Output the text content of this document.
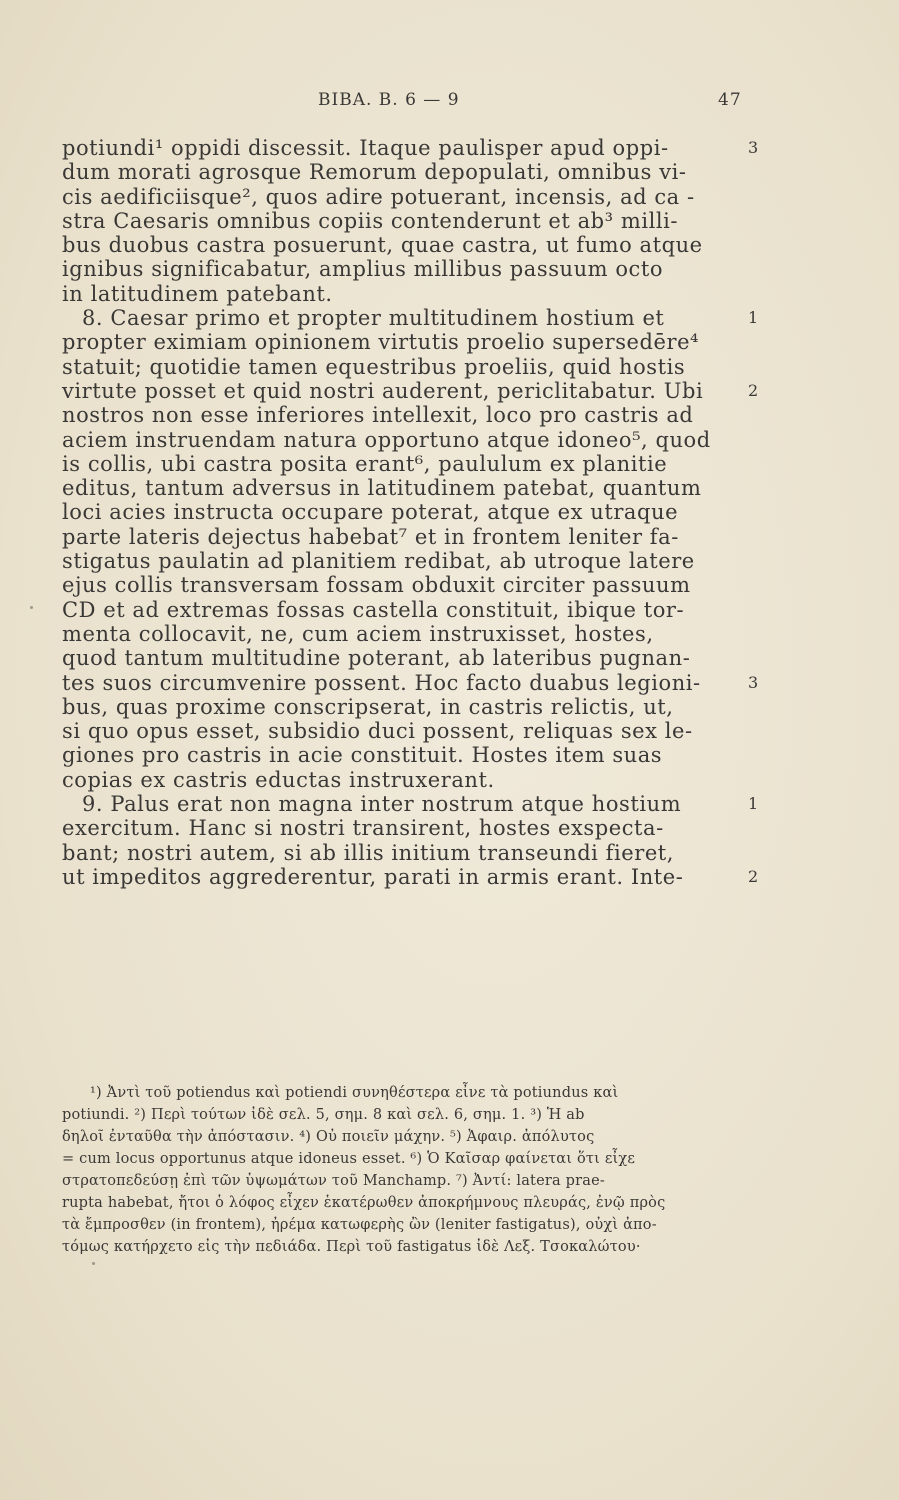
BIBA. B. 6 — 9	47
potiundi¹ oppidi discessit. Itaque paulisper apud oppi-
dum morati agrosque Remorum depopulati, omnibus vi-
cis aedificiisque², quos adire potuerant, incensis, ad ca -
stra Caesaris omnibus copiis contenderunt et ab³ milli-
bus duobus castra posuerunt, quae castra, ut fumo atque
ignibus significabatur, amplius millibus passuum octo
in latitudinem patebant.
8. Caesar primo et propter multitudinem hostium et
propter eximiam opinionem virtutis proelio supersedēre⁴
statuit; quotidie tamen equestribus proeliis, quid hostis
virtute posset et quid nostri auderent, periclitabatur. Ubi
nostros non esse inferiores intellexit, loco pro castris ad
aciem instruendam natura opportuno atque idoneo⁵, quod
is collis, ubi castra posita erant⁶, paululum ex planitie
editus, tantum adversus in latitudinem patebat, quantum
loci acies instructa occupare poterat, atque ex utraque
parte lateris dejectus habebat⁷ et in frontem leniter fa-
stigatus paulatin ad planitiem redibat, ab utroque latere
ejus collis transversam fossam obduxit circiter passuum
CD et ad extremas fossas castella constituit, ibique tor-
menta collocavit, ne, cum aciem instruxisset, hostes,
quod tantum multitudine poterant, ab lateribus pugnan-
tes suos circumvenire possent. Hoc facto duabus legioni-
bus, quas proxime conscripserat, in castris relictis, ut,
si quo opus esset, subsidio duci possent, reliquas sex le-
giones pro castris in acie constituit. Hostes item suas
copias ex castris eductas instruxerant.
9. Palus erat non magna inter nostrum atque hostium
exercitum. Hanc si nostri transirent, hostes exspecta-
bant; nostri autem, si ab illis initium transeundi fieret,
ut impeditos aggrederentur, parati in armis erant. Inte-
3
1
2
3
1
2
¹) Ἀντὶ τοῦ potiendus καὶ potiendi συνηθέστερα εἶνε τὰ potiundus καὶ
potiundi. ²) Περὶ τούτων ἰδὲ σελ. 5, σημ. 8 καὶ σελ. 6, σημ. 1. ³) Ἡ ab
δηλοῖ ἐνταῦθα τὴν ἀπόστασιν. ⁴) Οὐ ποιεῖν μάχην. ⁵) Ἀφαιρ. ἀπόλυτος
= cum locus opportunus atque idoneus esset. ⁶) Ὁ Καῖσαρ φαίνεται ὅτι εἶχε
στρατοπεδεύσῃ ἐπὶ τῶν ὑψωμάτων τοῦ Manchamp. ⁷) Ἀντί: latera prae-
rupta habebat, ἤτοι ὁ λόφος εἶχεν ἑκατέρωθεν ἀποκρήμνους πλευράς, ἐνῷ πρὸς
τὰ ἔμπροσθεν (in frontem), ἠρέμα κατωφερὴς ὢν (leniter fastigatus), οὐχὶ ἀπο-
τόμως κατήρχετο εἰς τὴν πεδιάδα. Περὶ τοῦ fastigatus ἰδὲ Λεξ. Τσοκαλώτου·
